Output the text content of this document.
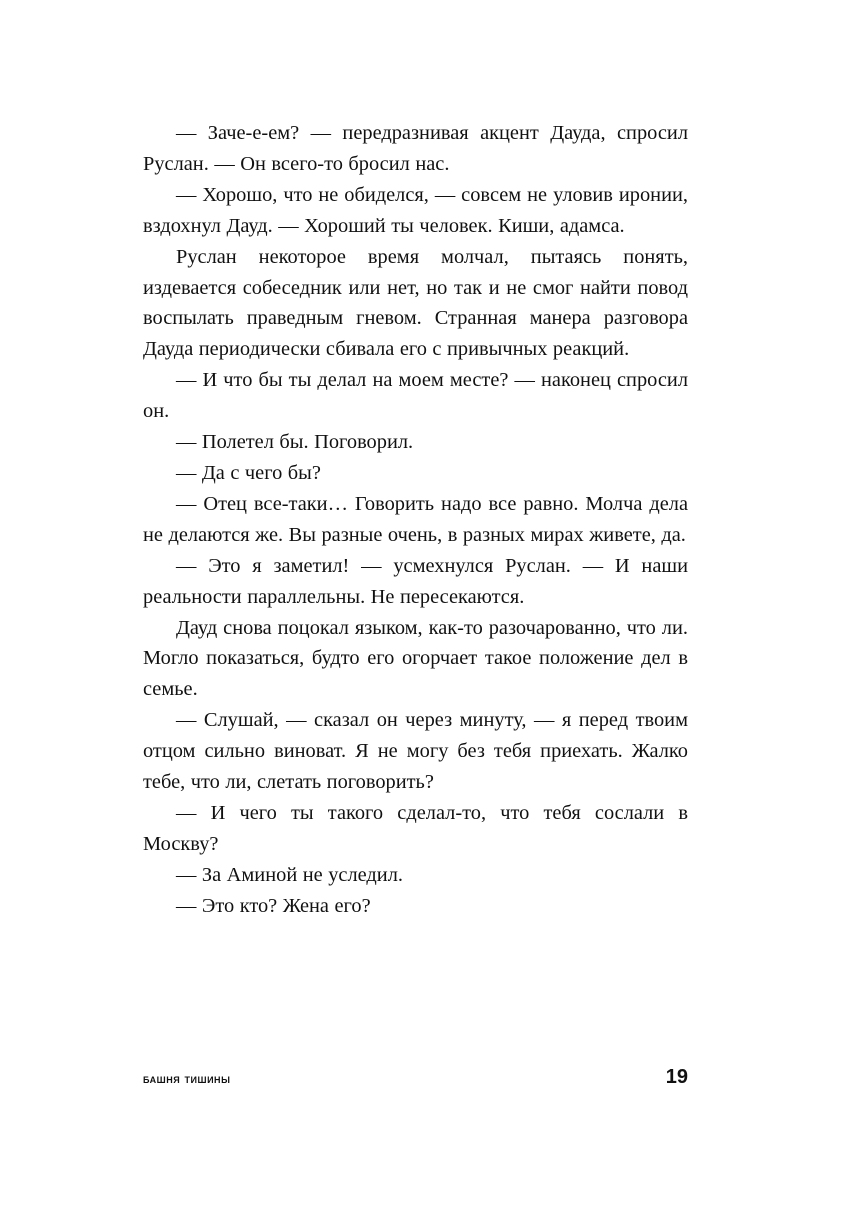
— Заче-е-ем? — передразнивая акцент Дауда, спросил Руслан. — Он всего-то бросил нас.

— Хорошо, что не обиделся, — совсем не уловив иронии, вздохнул Дауд. — Хороший ты человек. Киши, адамса.

Руслан некоторое время молчал, пытаясь понять, издевается собеседник или нет, но так и не смог найти повод воспылать праведным гневом. Странная манера разговора Дауда периодически сбивала его с привычных реакций.

— И что бы ты делал на моем месте? — наконец спросил он.

— Полетел бы. Поговорил.

— Да с чего бы?

— Отец все-таки… Говорить надо все равно. Молча дела не делаются же. Вы разные очень, в разных мирах живете, да.

— Это я заметил! — усмехнулся Руслан. — И наши реальности параллельны. Не пересекаются.

Дауд снова поцокал языком, как-то разочарованно, что ли. Могло показаться, будто его огорчает такое положение дел в семье.

— Слушай, — сказал он через минуту, — я перед твоим отцом сильно виноват. Я не могу без тебя приехать. Жалко тебе, что ли, слетать поговорить?

— И чего ты такого сделал-то, что тебя сослали в Москву?

— За Аминой не уследил.

— Это кто? Жена его?

башня тишины	19
